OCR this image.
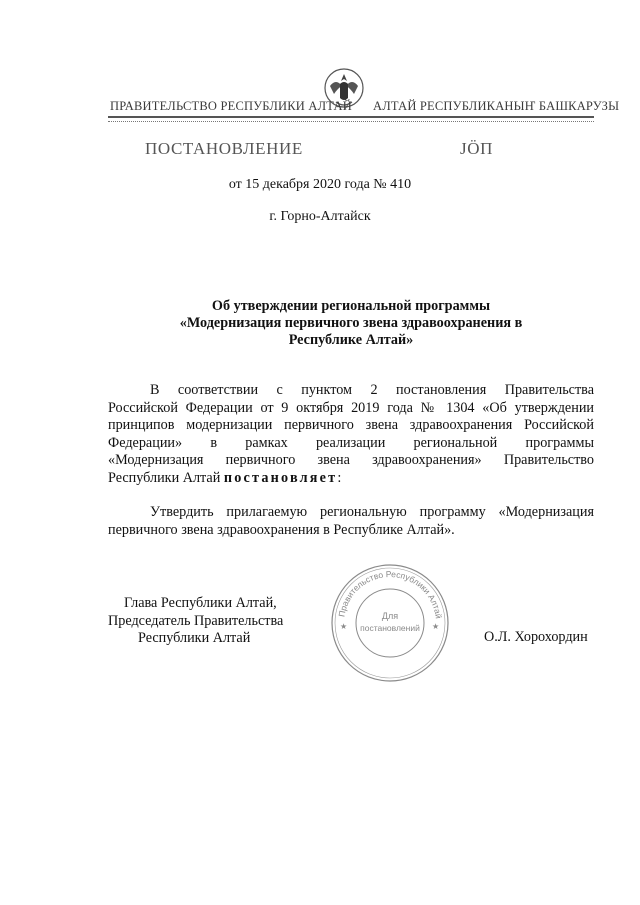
ПРАВИТЕЛЬСТВО РЕСПУБЛИКИ АЛТАЙ АЛТАЙ РЕСПУБЛИКАНЫҤ БАШКАРУЗЫ
ПОСТАНОВЛЕНИЕ	JӦП
от 15 декабря 2020 года № 410
г. Горно-Алтайск
Об утверждении региональной программы
«Модернизация первичного звена здравоохранения в
Республике Алтай»
В соответствии с пунктом 2 постановления Правительства
Российской Федерации от 9 октября 2019 года № 1304 «Об утверждении
принципов модернизации первичного звена здравоохранения Российской
Федерации» в рамках реализации региональной программы
«Модернизация первичного звена здравоохранения» Правительство
Республики Алтай постановляет:
Утвердить прилагаемую региональную программу «Модернизация
первичного звена здравоохранения в Республике Алтай».
Глава Республики Алтай,
Председатель Правительства
Республики Алтай	О.Л. Хорохордин
Правительство Республики Алтай
Для
постановлений
★	★
